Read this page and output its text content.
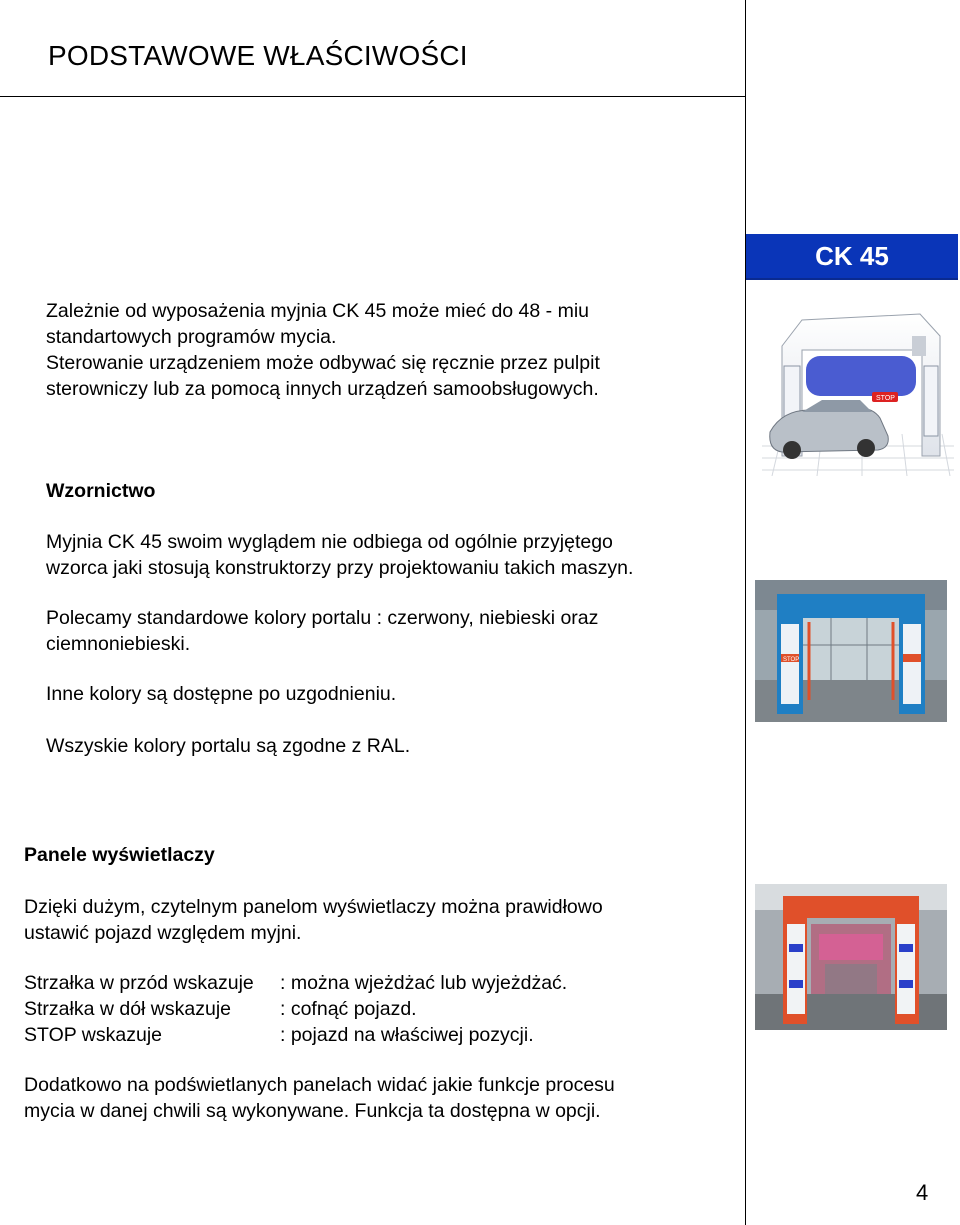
PODSTAWOWE WŁAŚCIWOŚCI
CK 45
Zależnie od wyposażenia myjnia CK 45 może mieć do 48 - miu
standartowych programów mycia.
Sterowanie urządzeniem może odbywać się ręcznie przez pulpit
sterowniczy lub za pomocą innych urządzeń samoobsługowych.
Wzornictwo
Myjnia CK 45 swoim wyglądem nie odbiega od ogólnie przyjętego
wzorca jaki stosują konstruktorzy przy projektowaniu takich maszyn.
Polecamy standardowe kolory portalu : czerwony, niebieski oraz
ciemnoniebieski.
Inne kolory są dostępne po uzgodnieniu.
Wszyskie kolory portalu są zgodne z RAL.
Panele wyświetlaczy
Dzięki dużym, czytelnym panelom wyświetlaczy można prawidłowo
ustawić pojazd względem myjni.
Strzałka w przód wskazuje : można wjeżdżać lub wyjeżdżać.
Strzałka w dół wskazuje	: cofnąć pojazd.
STOP wskazuje	: pojazd na właściwej pozycji.
Dodatkowo na podświetlanych panelach widać jakie funkcje procesu
mycia w danej chwili są wykonywane. Funkcja ta dostępna w opcji.
STOP
STOP
4
